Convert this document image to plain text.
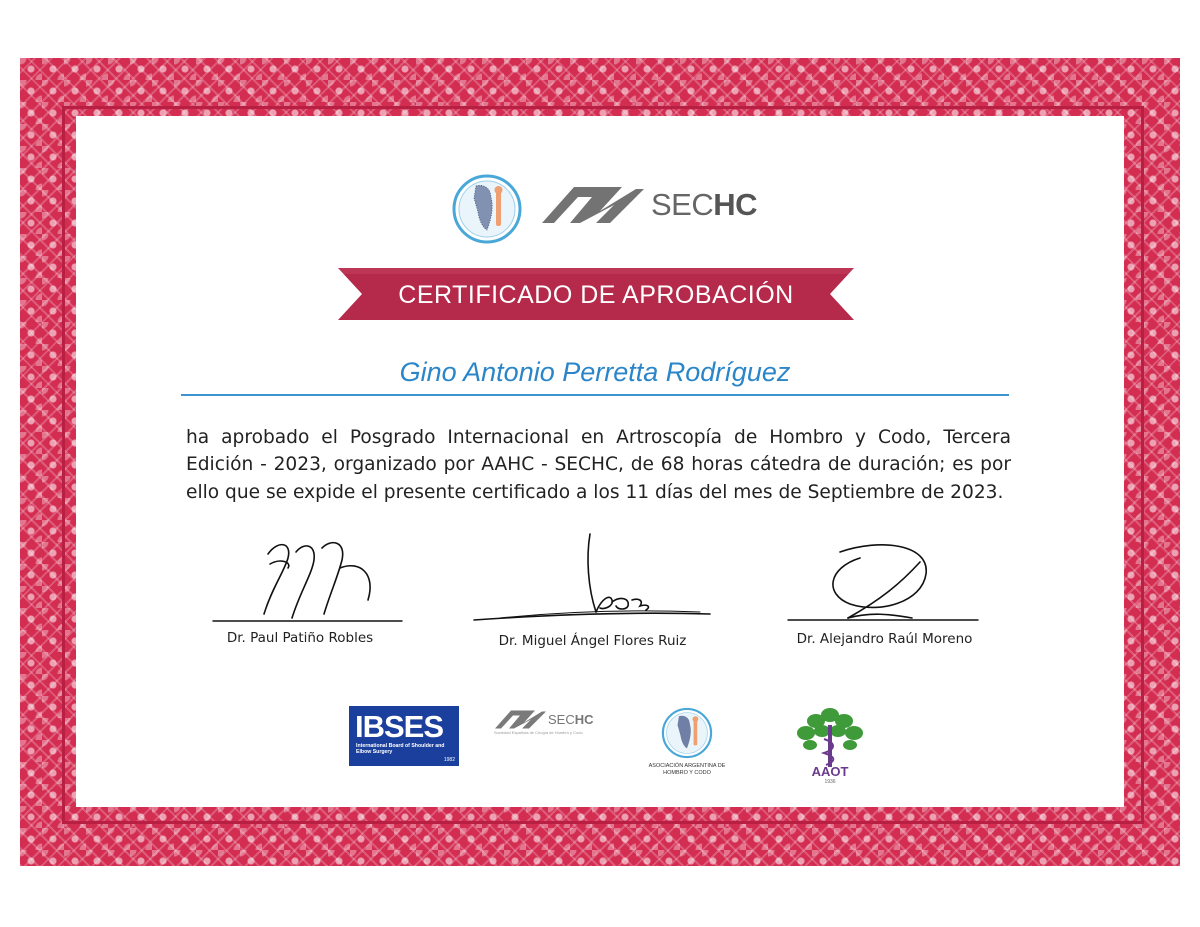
SECHC
CERTIFICADO DE APROBACIÓN
Gino Antonio Perretta Rodríguez

ha aprobado el Posgrado Internacional en Artroscopía de Hombro y Codo, Tercera Edición - 2023, organizado por AAHC - SECHC, de 68 horas cátedra de duración; es por ello que se expide el presente certificado a los 11 días del mes de Septiembre de 2023.

Dr. Paul Patiño Robles	Dr. Miguel Ángel Flores Ruiz	Dr. Alejandro Raúl Moreno
IBSES
International Board of Shoulder and Elbow Surgery
1982
SECHC
Sociedad Española de Cirugía de Hombro y Codo
ASOCIACIÓN ARGENTINA DE HOMBRO Y CODO	AAOT
1936
